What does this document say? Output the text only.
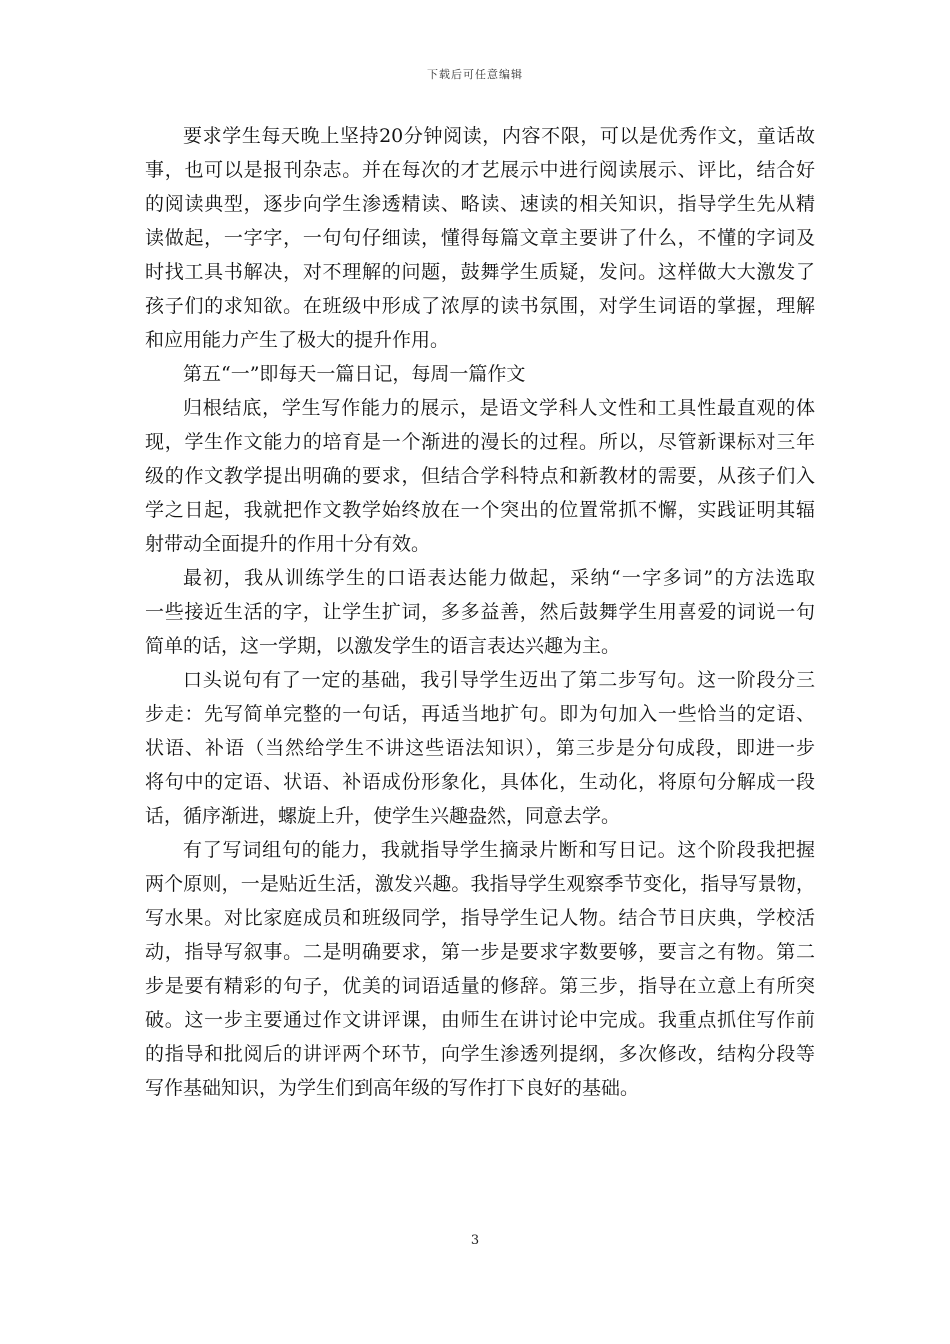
下载后可任意编辑
要求学生每天晚上坚持20分钟阅读，内容不限，可以是优秀作文，童话故
事，也可以是报刊杂志。并在每次的才艺展示中进行阅读展示、评比，结合好
的阅读典型，逐步向学生渗透精读、略读、速读的相关知识，指导学生先从精
读做起，一字字，一句句仔细读，懂得每篇文章主要讲了什么，不懂的字词及
时找工具书解决，对不理解的问题，鼓舞学生质疑，发问。这样做大大激发了
孩子们的求知欲。在班级中形成了浓厚的读书氛围，对学生词语的掌握，理解
和应用能力产生了极大的提升作用。
第五“一”即每天一篇日记，每周一篇作文
归根结底，学生写作能力的展示，是语文学科人文性和工具性最直观的体
现，学生作文能力的培育是一个渐进的漫长的过程。所以，尽管新课标对三年
级的作文教学提出明确的要求，但结合学科特点和新教材的需要，从孩子们入
学之日起，我就把作文教学始终放在一个突出的位置常抓不懈，实践证明其辐
射带动全面提升的作用十分有效。
最初，我从训练学生的口语表达能力做起，采纳“一字多词”的方法选取
一些接近生活的字，让学生扩词，多多益善，然后鼓舞学生用喜爱的词说一句
简单的话，这一学期，以激发学生的语言表达兴趣为主。
口头说句有了一定的基础，我引导学生迈出了第二步写句。这一阶段分三
步走：先写简单完整的一句话，再适当地扩句。即为句加入一些恰当的定语、
状语、补语（当然给学生不讲这些语法知识），第三步是分句成段，即进一步
将句中的定语、状语、补语成份形象化，具体化，生动化，将原句分解成一段
话，循序渐进，螺旋上升，使学生兴趣盎然，同意去学。
有了写词组句的能力，我就指导学生摘录片断和写日记。这个阶段我把握
两个原则，一是贴近生活，激发兴趣。我指导学生观察季节变化，指导写景物，
写水果。对比家庭成员和班级同学，指导学生记人物。结合节日庆典，学校活
动，指导写叙事。二是明确要求，第一步是要求字数要够，要言之有物。第二
步是要有精彩的句子，优美的词语适量的修辞。第三步，指导在立意上有所突
破。这一步主要通过作文讲评课，由师生在讲讨论中完成。我重点抓住写作前
的指导和批阅后的讲评两个环节，向学生渗透列提纲，多次修改，结构分段等
写作基础知识，为学生们到高年级的写作打下良好的基础。
3
